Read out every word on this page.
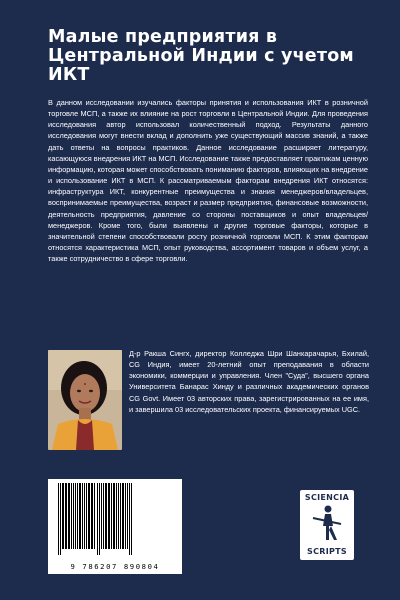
Малые предприятия в Центральной Индии с учетом ИКТ
В данном исследовании изучались факторы принятия и использования ИКТ в розничной торговле МСП, а также их влияние на рост торговли в Центральной Индии. Для проведения исследования автор использовал количественный подход. Результаты данного исследования могут внести вклад и дополнить уже существующий массив знаний, а также дать ответы на вопросы практиков. Данное исследование расширяет литературу, касающуюся внедрения ИКТ на МСП. Исследование также предоставляет практикам ценную информацию, которая может способствовать пониманию факторов, влияющих на внедрение и использование ИКТ в МСП. К рассматриваемым факторам внедрения ИКТ относятся: инфраструктура ИКТ, конкурентные преимущества и знания менеджеров/владельцев, воспринимаемые преимущества, возраст и размер предприятия, финансовые возможности, деятельность предприятия, давление со стороны поставщиков и опыт владельцев/менеджеров. Кроме того, были выявлены и другие торговые факторы, которые в значительной степени способствовали росту розничной торговли МСП. К этим факторам относятся характеристика МСП, опыт руководства, ассортимент товаров и объем услуг, а также сотрудничество в сфере торговли.
Д-р Ракша Сингх, директор Колледжа Шри Шанкарачарья, Бхилай, CG Индия, имеет 20-летний опыт преподавания в области экономики, коммерции и управления. Член "Суда", высшего органа Университета Банарас Хинду и различных академических органов CG Govt. Имеет 03 авторских права, зарегистрированных на ее имя, и завершила 03 исследовательских проекта, финансируемых UGC.
9 786207 890804
SCIENCIA
SCRIPTS
